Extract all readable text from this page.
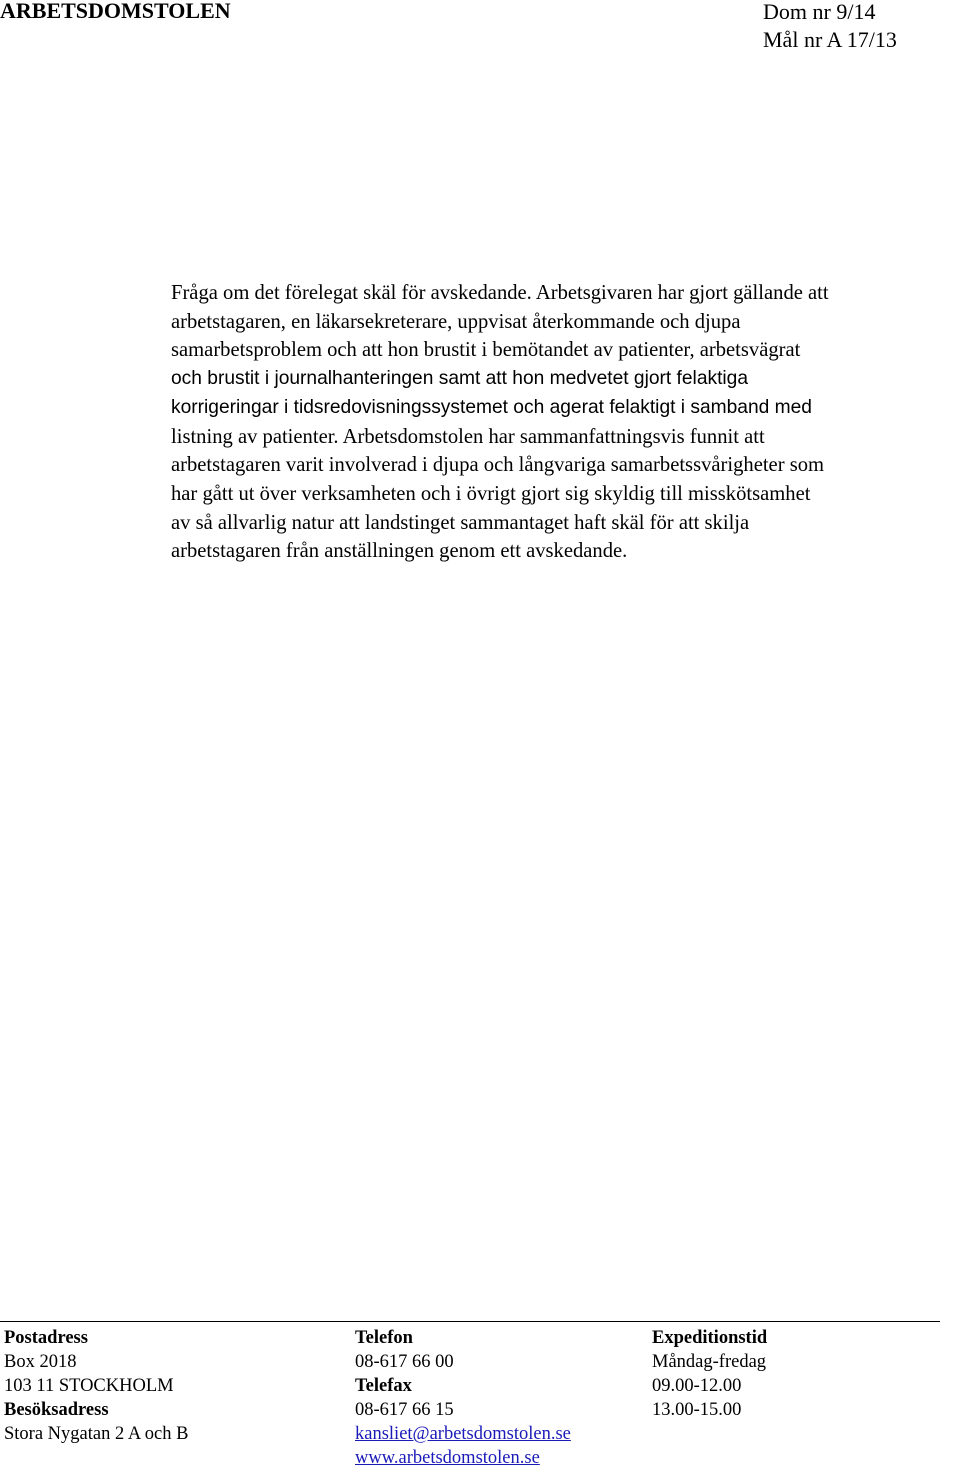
ARBETSDOMSTOLEN	Dom nr 9/14
Mål nr A 17/13
Fråga om det förelegat skäl för avskedande. Arbetsgivaren har gjort gällande att
arbetstagaren, en läkarsekreterare, uppvisat återkommande och djupa
samarbetsproblem och att hon brustit i bemötandet av patienter, arbetsvägrat
och brustit i journalhanteringen samt att hon medvetet gjort felaktiga
korrigeringar i tidsredovisningssystemet och agerat felaktigt i samband med
listning av patienter. Arbetsdomstolen har sammanfattningsvis funnit att
arbetstagaren varit involverad i djupa och långvariga samarbetssvårigheter som
har gått ut över verksamheten och i övrigt gjort sig skyldig till misskötsamhet
av så allvarlig natur att landstinget sammantaget haft skäl för att skilja
arbetstagaren från anställningen genom ett avskedande.
Postadress
Box 2018
103 11 STOCKHOLM
Besöksadress
Stora Nygatan 2 A och B
Telefon
08-617 66 00
Telefax
08-617 66 15
kansliet@arbetsdomstolen.se
www.arbetsdomstolen.se
Expeditionstid
Måndag-fredag
09.00-12.00
13.00-15.00
